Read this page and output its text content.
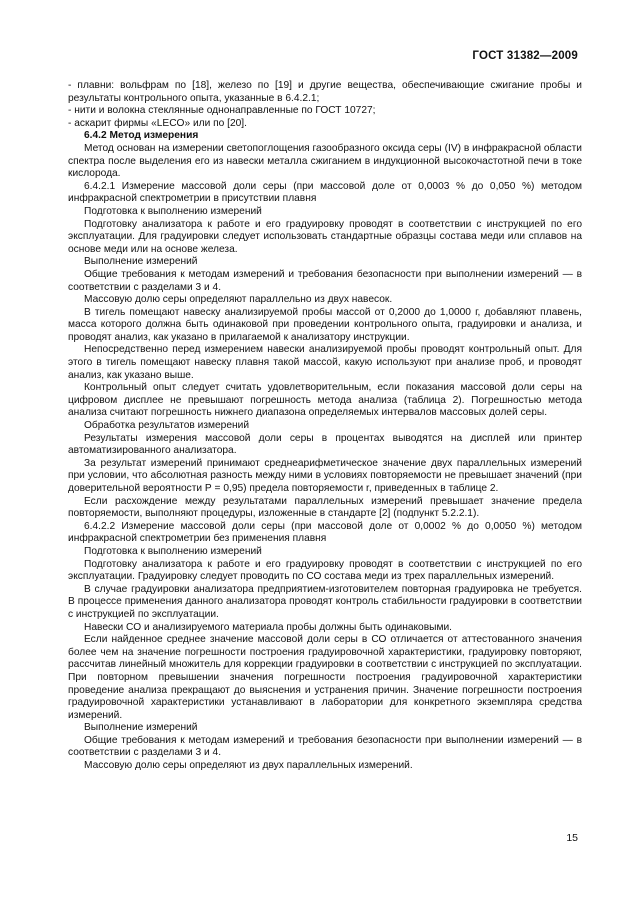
ГОСТ 31382—2009

- плавни: вольфрам по [18], железо по [19] и другие вещества, обеспечивающие сжигание пробы и результаты контрольного опыта, указанные в 6.4.2.1;

- нити и волокна стеклянные однонаправленные по ГОСТ 10727;

- аскарит фирмы «LECO» или по [20].

6.4.2 Метод измерения

Метод основан на измерении светопоглощения газообразного оксида серы (IV) в инфракрасной области спектра после выделения его из навески металла сжиганием в индукционной высокочастотной печи в токе кислорода.

6.4.2.1 Измерение массовой доли серы (при массовой доле от 0,0003 % до 0,050 %) методом инфракрасной спектрометрии в присутствии плавня

Подготовка к выполнению измерений

Подготовку анализатора к работе и его градуировку проводят в соответствии с инструкцией по его эксплуатации. Для градуировки следует использовать стандартные образцы состава меди или сплавов на основе меди или на основе железа.

Выполнение измерений

Общие требования к методам измерений и требования безопасности при выполнении измерений — в соответствии с разделами 3 и 4.

Массовую долю серы определяют параллельно из двух навесок.

В тигель помещают навеску анализируемой пробы массой от 0,2000 до 1,0000 г, добавляют плавень, масса которого должна быть одинаковой при проведении контрольного опыта, градуировки и анализа, и проводят анализ, как указано в прилагаемой к анализатору инструкции.

Непосредственно перед измерением навески анализируемой пробы проводят контрольный опыт. Для этого в тигель помещают навеску плавня такой массой, какую используют при анализе проб, и проводят анализ, как указано выше.

Контрольный опыт следует считать удовлетворительным, если показания массовой доли серы на цифровом дисплее не превышают погрешность метода анализа (таблица 2). Погрешностью метода анализа считают погрешность нижнего диапазона определяемых интервалов массовых долей серы.

Обработка результатов измерений

Результаты измерения массовой доли серы в процентах выводятся на дисплей или принтер автоматизированного анализатора.

За результат измерений принимают среднеарифметическое значение двух параллельных измерений при условии, что абсолютная разность между ними в условиях повторяемости не превышает значений (при доверительной вероятности Р = 0,95) предела повторяемости r, приведенных в таблице 2.

Если расхождение между результатами параллельных измерений превышает значение предела повторяемости, выполняют процедуры, изложенные в стандарте [2] (подпункт 5.2.2.1).

6.4.2.2 Измерение массовой доли серы (при массовой доле от 0,0002 % до 0,0050 %) методом инфракрасной спектрометрии без применения плавня

Подготовка к выполнению измерений

Подготовку анализатора к работе и его градуировку проводят в соответствии с инструкцией по его эксплуатации. Градуировку следует проводить по СО состава меди из трех параллельных измерений.

В случае градуировки анализатора предприятием-изготовителем повторная градуировка не требуется. В процессе применения данного анализатора проводят контроль стабильности градуировки в соответствии с инструкцией по эксплуатации.

Навески СО и анализируемого материала пробы должны быть одинаковыми.

Если найденное среднее значение массовой доли серы в СО отличается от аттестованного значения более чем на значение погрешности построения градуировочной характеристики, градуировку повторяют, рассчитав линейный множитель для коррекции градуировки в соответствии с инструкцией по эксплуатации. При повторном превышении значения погрешности построения градуировочной характеристики проведение анализа прекращают до выяснения и устранения причин. Значение погрешности построения градуировочной характеристики устанавливают в лаборатории для конкретного экземпляра средства измерений.

Выполнение измерений

Общие требования к методам измерений и требования безопасности при выполнении измерений — в соответствии с разделами 3 и 4.

Массовую долю серы определяют из двух параллельных измерений.

15
